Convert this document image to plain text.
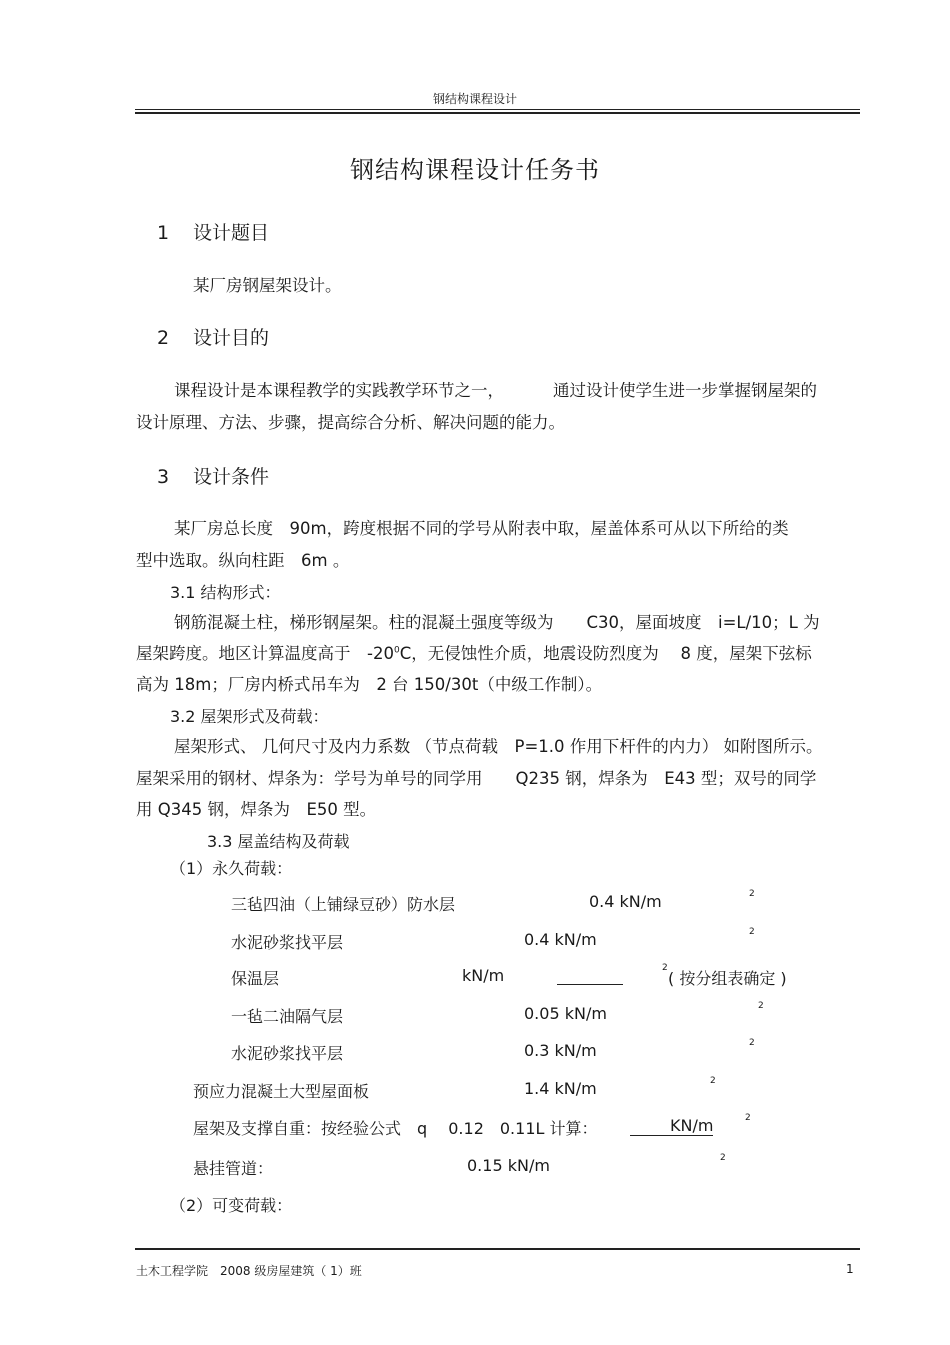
钢结构课程设计
钢结构课程设计任务书
1 设计题目
某厂房钢屋架设计。
2 设计目的
课程设计是本课程教学的实践教学环节之一，	通过设计使学生进一步掌握钢屋架的
设计原理、方法、步骤，提高综合分析、解决问题的能力。
3 设计条件
某厂房总长度　90m，跨度根据不同的学号从附表中取，屋盖体系可从以下所给的类
型中选取。纵向柱距　6m 。
3.1 结构形式：
钢筋混凝土柱，梯形钢屋架。柱的混凝土强度等级为　　C30，屋面坡度　i=L/10；L 为
屋架跨度。地区计算温度高于　$-20^0C$，无侵蚀性介质，地震设防烈度为　 8 度，屋架下弦标
高为 18m；厂房内桥式吊车为　2 台 150/30t（中级工作制）。
3.2 屋架形式及荷载：
屋架形式、 几何尺寸及内力系数 （节点荷载　P=1.0 作用下杆件的内力） 如附图所示。
屋架采用的钢材、焊条为：学号为单号的同学用　　Q235 钢，焊条为　E43 型；双号的同学
用 Q345 钢，焊条为　E50 型。
3.3 屋盖结构及荷载
（1）永久荷载：
三毡四油（上铺绿豆砂）防水层	0.4 kN/m	2
水泥砂浆找平层	0.4 kN/m	2
保温层	kN/m	2
( 按分组表确定 )
一毡二油隔气层	0.05 kN/m	2
水泥砂浆找平层	0.3 kN/m	2
预应力混凝土大型屋面板	1.4 kN/m	2
屋架及支撑自重：按经验公式　q　 0.12　0.11L 计算：	KN/m	2
悬挂管道：	0.15 kN/m	2
（2）可变荷载：
土木工程学院　2008 级房屋建筑（ 1）班	1
